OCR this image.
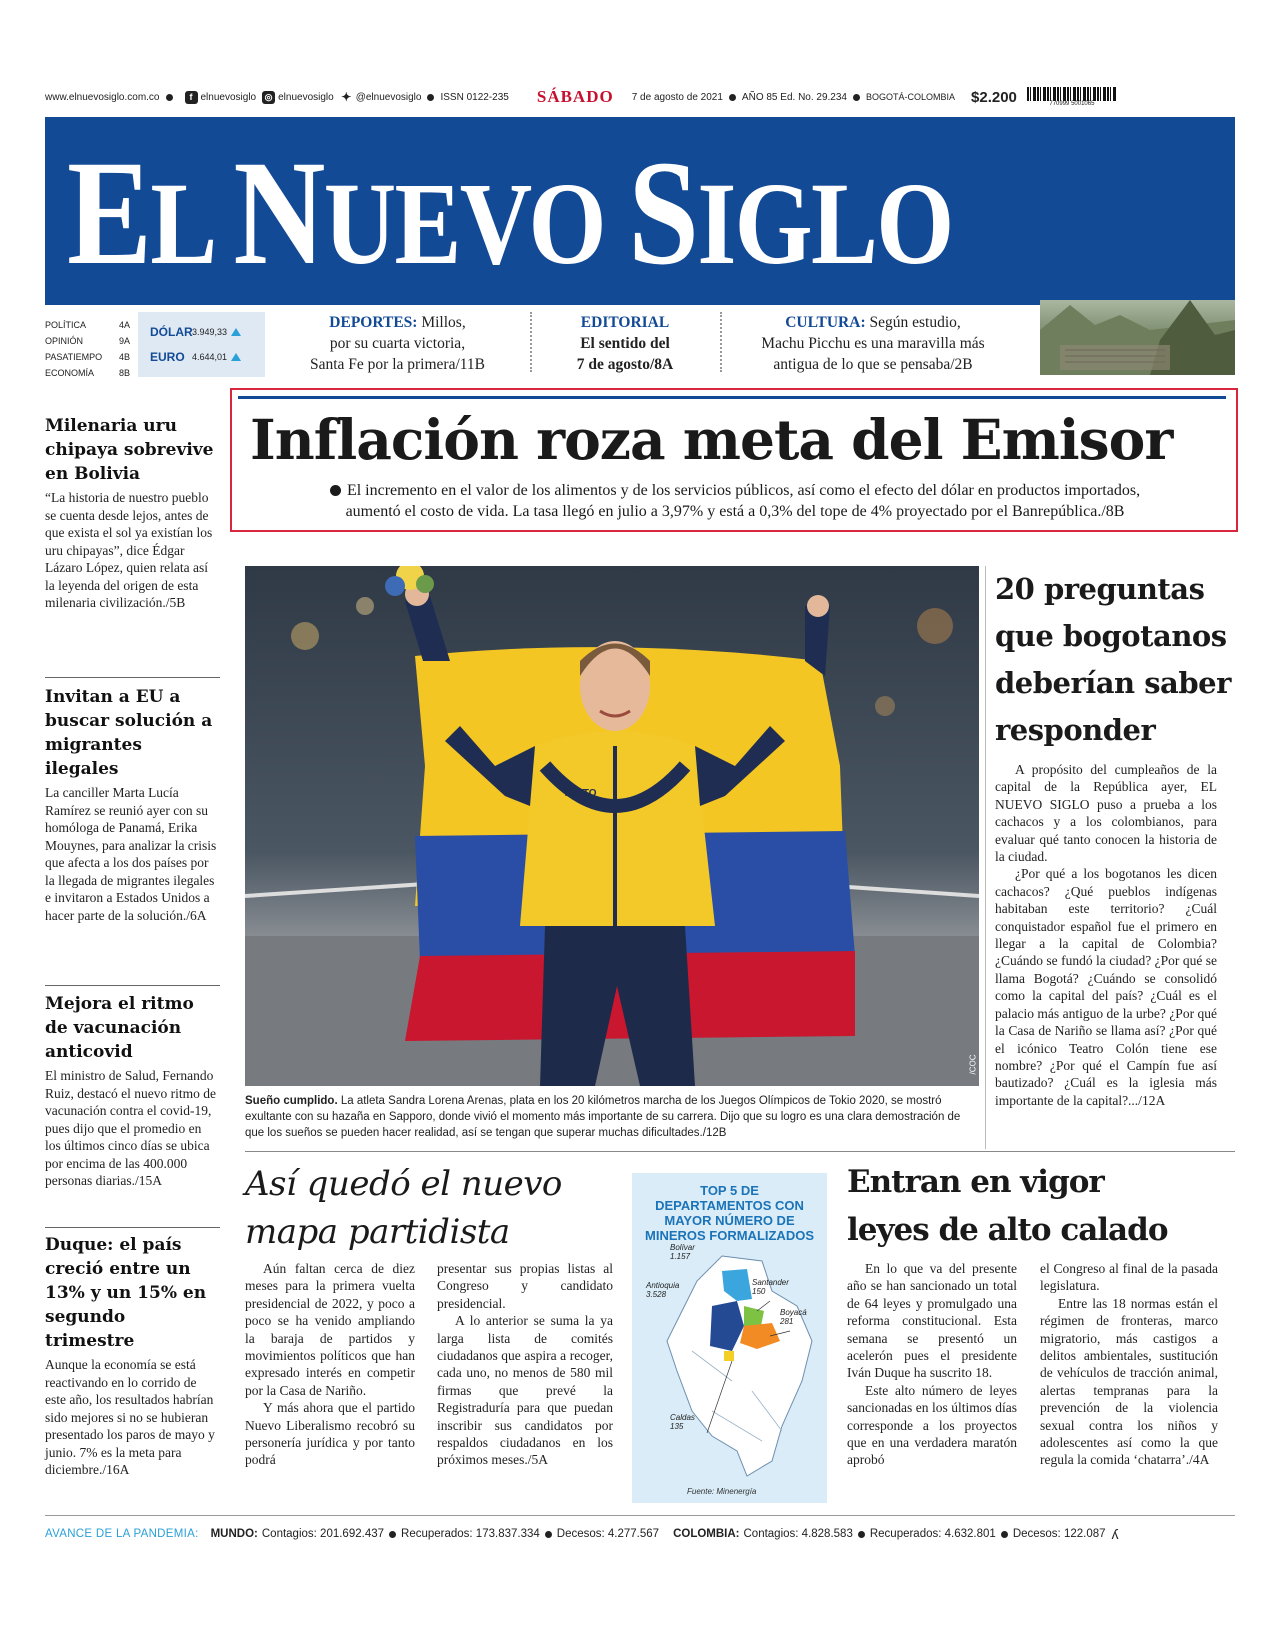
www.elnuevosiglo.com.co	f elnuevosiglo ◎ elnuevosiglo ✦ @elnuevosiglo ISSN 0122-235 SÁBADO 7 de agosto de 2021 AÑO 85
Ed. No. 29.234 BOGOTÁ-COLOMBIA $2.200	770999 5001065
EL NUEVO SIGLO
POLÍTICA	4A
OPINIÓN	9A
PASATIEMPO 4B
ECONOMÍA	8B
DÓLAR 3.949,33
EURO 4.644,01
DEPORTES: Millos,
por su cuarta victoria,
Santa Fe por la primera/11B
EDITORIAL
El sentido del
7 de agosto/8A
CULTURA: Según estudio,
Machu Picchu es una maravilla más
antigua de lo que se pensaba/2B
Inflación roza meta del Emisor
El incremento en el valor de los alimentos y de los servicios públicos, así como el efecto del dólar en productos importados,
aumentó el costo de vida. La tasa llegó en julio a 3,97% y está a 0,3% del tope de 4% proyectado por el Banrepública./8B
Milenaria uru chipaya sobrevive en Bolivia
“La historia de nuestro pueblo se cuenta desde lejos, antes de que exista el sol ya existían los uru chipayas”, dice Édgar Lázaro López, quien relata así la leyenda del origen de esta milenaria civilización./5B
Invitan a EU a buscar solución a migrantes ilegales
La canciller Marta Lucía Ramírez se reunió ayer con su homóloga de Panamá, Erika Mouynes, para analizar la crisis que afecta a los dos países por la llegada de migrantes ilegales e invitaron a Estados Unidos a hacer parte de la solución./6A
Mejora el ritmo de vacunación anticovid
El ministro de Salud, Fernando Ruiz, destacó el nuevo ritmo de vacunación contra el covid-19, pues dijo que el promedio en los últimos cinco días se ubica por encima de las 400.000 personas diarias./15A
Duque: el país creció entre un 13% y un 15% en segundo trimestre
Aunque la economía se está reactivando en lo corrido de este año, los resultados habrían sido mejores si no se hubieran presentado los paros de mayo y junio. 7% es la meta para diciembre./16A
TOTTO
/COC
Sueño cumplido. La atleta Sandra Lorena Arenas, plata en los 20 kilómetros marcha de los Juegos Olímpicos de Tokio 2020, se mostró exultante con su hazaña en Sapporo, donde vivió el momento más importante de su carrera. Dijo que su logro es una clara demostración de que los sueños se pueden hacer realidad, así se tengan que superar muchas dificultades./12B
20 preguntas que bogotanos deberían saber responder

A propósito del cumpleaños de la capital de la República ayer, EL NUEVO SIGLO puso a prueba a los cachacos y a los colombianos, para evaluar qué tanto conocen la historia de la ciudad.

¿Por qué a los bogotanos les dicen cachacos? ¿Qué pueblos indígenas habitaban este territorio? ¿Cuál conquistador español fue el primero en llegar a la capital de Colombia? ¿Cuándo se fundó la ciudad? ¿Por qué se llama Bogotá? ¿Cuándo se consolidó como la capital del país? ¿Cuál es el palacio más antiguo de la urbe? ¿Por qué la Casa de Nariño se llama así? ¿Por qué el icónico Teatro Colón tiene ese nombre? ¿Por qué el Campín fue así bautizado? ¿Cuál es la iglesia más importante de la capital?.../12A

Así quedó el nuevo
mapa partidista

Aún faltan cerca de diez meses para la primera vuelta presidencial de 2022, y poco a poco se ha venido ampliando la baraja de partidos y movimientos políticos que han expresado interés en competir por la Casa de Nariño.

Y más ahora que el partido Nuevo Liberalismo recobró su personería jurídica y por tanto podrá

presentar sus propias listas al Congreso y candidato presidencial.

A lo anterior se suma la ya larga lista de comités ciudadanos que aspira a recoger, cada uno, no menos de 580 mil firmas que prevé la Registraduría para que puedan inscribir sus candidatos por respaldos ciudadanos en los próximos meses./5A

TOP 5 DE
DEPARTAMENTOS CON
MAYOR NÚMERO DE
MINEROS FORMALIZADOS
Bolívar
1.157
Antioquia
3.528
Santander
150
Boyacá
281
Caldas
135
Fuente: Minenergía
Entran en vigor
leyes de alto calado

En lo que va del presente año se han sancionado un total de 64 leyes y promulgado una reforma constitucional. Esta semana se presentó un acelerón pues el presidente Iván Duque ha suscrito 18.

Este alto número de leyes sancionadas en los últimos días corresponde a los proyectos que en una verdadera maratón aprobó

el Congreso al final de la pasada legislatura.

Entre las 18 normas están el régimen de fronteras, marco migratorio, más castigos a delitos ambientales, sustitución de vehículos de tracción animal, alertas tempranas para la prevención de la violencia sexual contra los niños y adolescentes así como la que regula la comida ‘chatarra’./4A

AVANCE DE LA PANDEMIA: MUNDO: Contagios: 201.692.437 Recuperados: 173.837.334 Decesos: 4.277.567 COLOMBIA: Contagios: 4.828.583 Recuperados: 4.632.801 Decesos: 122.087 ʎ
